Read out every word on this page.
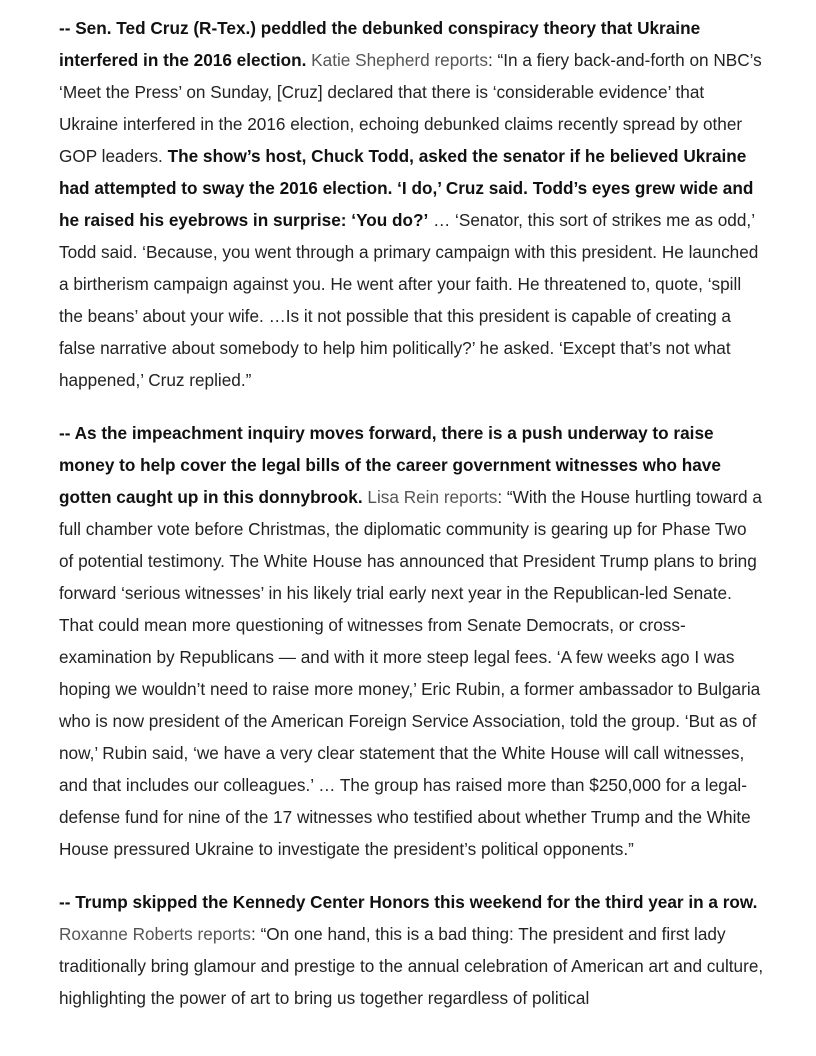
-- Sen. Ted Cruz (R-Tex.) peddled the debunked conspiracy theory that Ukraine interfered in the 2016 election. Katie Shepherd reports: “In a fiery back-and-forth on NBC’s ‘Meet the Press’ on Sunday, [Cruz] declared that there is ‘considerable evidence’ that Ukraine interfered in the 2016 election, echoing debunked claims recently spread by other GOP leaders. The show’s host, Chuck Todd, asked the senator if he believed Ukraine had attempted to sway the 2016 election. ‘I do,’ Cruz said. Todd’s eyes grew wide and he raised his eyebrows in surprise: ‘You do?’ … ‘Senator, this sort of strikes me as odd,’ Todd said. ‘Because, you went through a primary campaign with this president. He launched a birtherism campaign against you. He went after your faith. He threatened to, quote, ‘spill the beans’ about your wife. …Is it not possible that this president is capable of creating a false narrative about somebody to help him politically?’ he asked. ‘Except that’s not what happened,’ Cruz replied.”

-- As the impeachment inquiry moves forward, there is a push underway to raise money to help cover the legal bills of the career government witnesses who have gotten caught up in this donnybrook. Lisa Rein reports: “With the House hurtling toward a full chamber vote before Christmas, the diplomatic community is gearing up for Phase Two of potential testimony. The White House has announced that President Trump plans to bring forward ‘serious witnesses’ in his likely trial early next year in the Republican-led Senate. That could mean more questioning of witnesses from Senate Democrats, or cross-examination by Republicans — and with it more steep legal fees. ‘A few weeks ago I was hoping we wouldn’t need to raise more money,’ Eric Rubin, a former ambassador to Bulgaria who is now president of the American Foreign Service Association, told the group. ‘But as of now,’ Rubin said, ‘we have a very clear statement that the White House will call witnesses, and that includes our colleagues.’ … The group has raised more than $250,000 for a legal-defense fund for nine of the 17 witnesses who testified about whether Trump and the White House pressured Ukraine to investigate the president’s political opponents.”

-- Trump skipped the Kennedy Center Honors this weekend for the third year in a row. Roxanne Roberts reports: “On one hand, this is a bad thing: The president and first lady traditionally bring glamour and prestige to the annual celebration of American art and culture, highlighting the power of art to bring us together regardless of political
